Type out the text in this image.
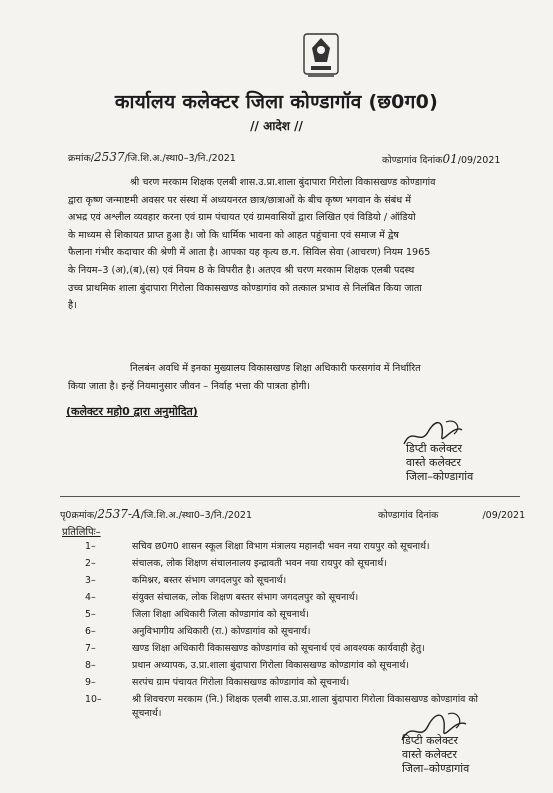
कार्यालय कलेक्टर जिला कोण्डागॉव (छ0ग0)
// आदेश //
क्रमांक/2537/जि.शि.अ./स्था0–3/नि./2021	कोण्डागांव दिनांक01/09/2021
श्री चरण मरकाम शिक्षक एलबी शास.उ.प्रा.शाला बुंदापारा गिरोला विकासखण्ड कोण्डागांव
द्वारा कृष्ण जन्माष्टमी अवसर पर संस्था में अध्ययनरत छात्र/छात्राओं के बीच कृष्ण भगवान के संबंध में
अभद्र एवं अश्लील व्यवहार करना एवं ग्राम पंचायत एवं ग्रामवासियों द्वारा लिखित एवं विडियो / ऑडियो
के माध्यम से शिकायत प्राप्त हुआ है। जो कि धार्मिक भावना को आहत पहुंचाना एवं समाज में द्वेष
फैलाना गंभीर कदाचार की श्रेणी में आता है। आपका यह कृत्य छ.ग. सिविल सेवा (आचरण) नियम 1965
के नियम–3 (अ),(ब),(स) एवं नियम 8 के विपरीत है। अतएव श्री चरण मरकाम शिक्षक एलबी पदस्थ
उच्च प्राथमिक शाला बुंदापारा गिरोला विकासखण्ड कोण्डागांव को तत्काल प्रभाव से निलंबित किया जाता
है।
निलबंन अवधि में इनका मुख्यालय विकासखण्ड शिक्षा अधिकारी फरसगांव में निर्धारित
किया जाता है। इन्हें नियमानुसार जीवन – निर्वाह भत्ता की पात्रता होगी।
(कलेक्टर महो0 द्वारा अनुमोदित)
डिप्टी कलेक्टर
वास्ते कलेक्टर
जिला–कोण्डागांव
पृ0क्रमांक/2537-A/जि.शि.अ./स्था0–3/नि./2021	कोण्डागांव दिनांक	/09/2021
प्रतिलिपिः–
1–	सचिव छ0ग0 शासन स्कूल शिक्षा विभाग मंत्रालय महानदी भवन नया रायपुर को सूचनार्थ।
2–	संचालक, लोक शिक्षण संचालनालय इन्द्रावती भवन नया रायपुर को सूचनार्थ।
3–	कमिश्नर, बस्तर संभाग जगदलपुर को सूचनार्थ।
4–	संयुक्त संचालक, लोक शिक्षण बस्तर संभाग जगदलपुर को सूचनार्थ।
5–	जिला शिक्षा अधिकारी जिला कोण्डागांव को सूचनार्थ।
6–	अनुविभागीय अधिकारी (रा.) कोण्डागांव को सूचनार्थ।
7–	खण्ड शिक्षा अधिकारी विकासखण्ड कोण्डागांव को सूचनार्थ एवं आवश्यक कार्यवाही हेतु।
8–	प्रधान अध्यापक, उ.प्रा.शाला बुंदापारा गिरोला विकासखण्ड कोण्डागांव को सूचनार्थ।
9–	सरपंच ग्राम पंचायत गिरोला विकासखण्ड कोण्डागांव को सूचनार्थ।
10–	श्री शिवचरण मरकाम (नि.) शिक्षक एलबी शास.उ.प्रा.शाला बुंदापारा गिरोला विकासखण्ड कोण्डागांव को सूचनार्थ।
डिप्टी कलेक्टर
वास्ते कलेक्टर
जिला–कोण्डागांव
